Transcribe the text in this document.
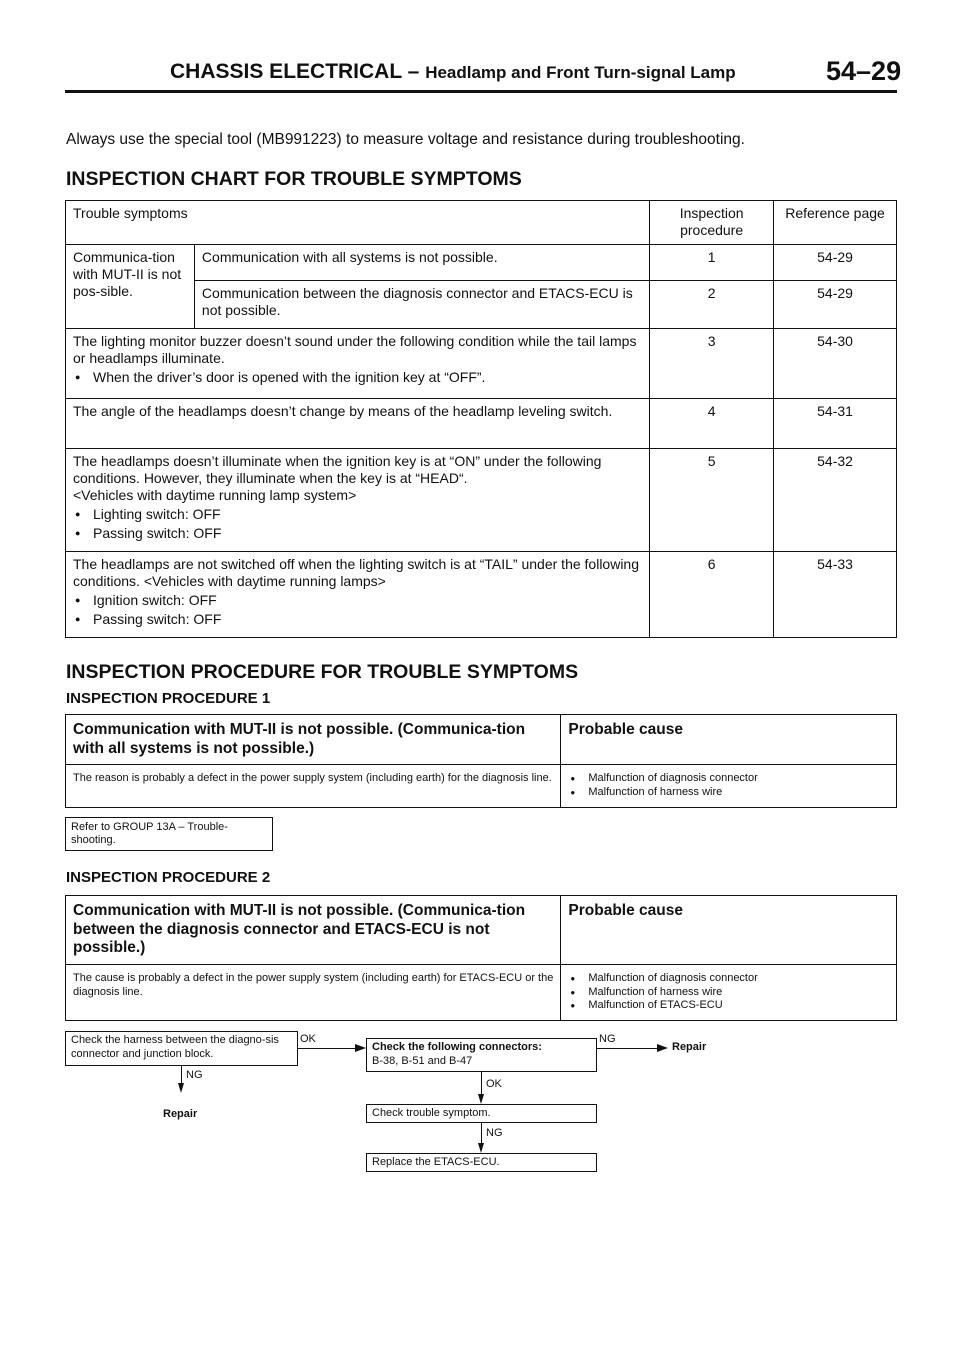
CHASSIS ELECTRICAL – Headlamp and Front Turn-signal Lamp	54–29
Always use the special tool (MB991223) to measure voltage and resistance during troubleshooting.
INSPECTION CHART FOR TROUBLE SYMPTOMS
Trouble symptoms		Inspection procedure	Reference page
Communica-tion with MUT-II is not pos-sible.	Communication with all systems is not possible.	1	54-29
	Communication between the diagnosis connector and ETACS-ECU is not possible.	2	54-29

The lighting monitor buzzer doesn’t sound under the following condition while the tail lamps or headlamps illuminate.
● When the driver’s door is opened with the ignition key at “OFF”.		3	54-30
The angle of the headlamps doesn’t change by means of the headlamp leveling switch.		4	54-31

The headlamps doesn’t illuminate when the ignition key is at “ON” under the following conditions. However, they illuminate when the key is at “HEAD“.
<Vehicles with daytime running lamp system>
● Lighting switch: OFF
● Passing switch: OFF		5	54-32

The headlamps are not switched off when the lighting switch is at “TAIL” under the following conditions. <Vehicles with daytime running lamps>
● Ignition switch: OFF
● Passing switch: OFF		6	54-33
INSPECTION PROCEDURE FOR TROUBLE SYMPTOMS
INSPECTION PROCEDURE 1
Communication with MUT-II is not possible. (Communica-tion with all systems is not possible.)	Probable cause
The reason is probably a defect in the power supply system (including earth) for the diagnosis line.	● Malfunction of diagnosis connector
● Malfunction of harness wire
Refer to GROUP 13A – Trouble-shooting.
INSPECTION PROCEDURE 2
Communication with MUT-II is not possible. (Communica-tion between the diagnosis connector and ETACS-ECU is not possible.)	Probable cause
The cause is probably a defect in the power supply system (including earth) for ETACS-ECU or the diagnosis line.	● Malfunction of diagnosis connector
● Malfunction of harness wire
● Malfunction of ETACS-ECU
Check the harness between the diagno-sis connector and junction block.
Check the following connectors:
B-38, B-51 and B-47
Check trouble symptom.
Replace the ETACS-ECU.
OK	NG
Repair
NG
Repair
OK
NG
